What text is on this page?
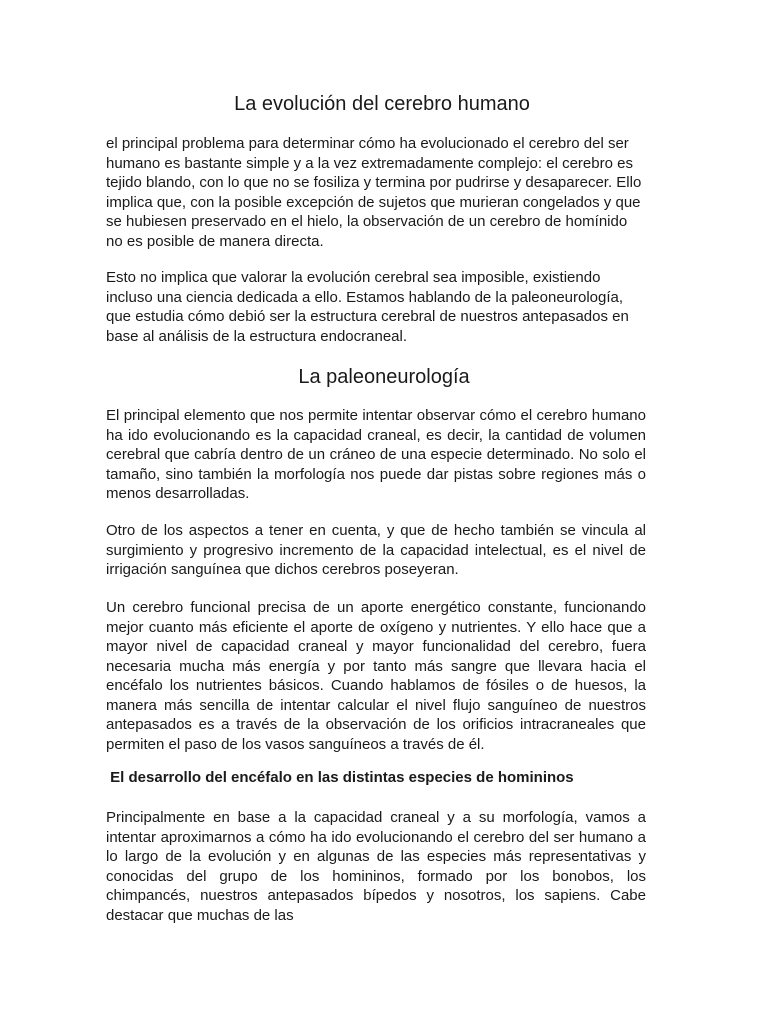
La evolución del cerebro humano

el principal problema para determinar cómo ha evolucionado el cerebro del ser humano es bastante simple y a la vez extremadamente complejo: el cerebro es tejido blando, con lo que no se fosiliza y termina por pudrirse y desaparecer. Ello implica que, con la posible excepción de sujetos que murieran congelados y que se hubiesen preservado en el hielo, la observación de un cerebro de homínido no es posible de manera directa.

Esto no implica que valorar la evolución cerebral sea imposible, existiendo incluso una ciencia dedicada a ello. Estamos hablando de la paleoneurología, que estudia cómo debió ser la estructura cerebral de nuestros antepasados en base al análisis de la estructura endocraneal.

La paleoneurología

El principal elemento que nos permite intentar observar cómo el cerebro humano ha ido evolucionando es la capacidad craneal, es decir, la cantidad de volumen cerebral que cabría dentro de un cráneo de una especie determinado. No solo el tamaño, sino también la morfología nos puede dar pistas sobre regiones más o menos desarrolladas.

Otro de los aspectos a tener en cuenta, y que de hecho también se vincula al surgimiento y progresivo incremento de la capacidad intelectual, es el nivel de irrigación sanguínea que dichos cerebros poseyeran.

Un cerebro funcional precisa de un aporte energético constante, funcionando mejor cuanto más eficiente el aporte de oxígeno y nutrientes. Y ello hace que a mayor nivel de capacidad craneal y mayor funcionalidad del cerebro, fuera necesaria mucha más energía y por tanto más sangre que llevara hacia el encéfalo los nutrientes básicos. Cuando hablamos de fósiles o de huesos, la manera más sencilla de intentar calcular el nivel flujo sanguíneo de nuestros antepasados es a través de la observación de los orificios intracraneales que permiten el paso de los vasos sanguíneos a través de él.

El desarrollo del encéfalo en las distintas especies de homininos

Principalmente en base a la capacidad craneal y a su morfología, vamos a intentar aproximarnos a cómo ha ido evolucionando el cerebro del ser humano a lo largo de la evolución y en algunas de las especies más representativas y conocidas del grupo de los homininos, formado por los bonobos, los chimpancés, nuestros antepasados bípedos y nosotros, los sapiens. Cabe destacar que muchas de las
